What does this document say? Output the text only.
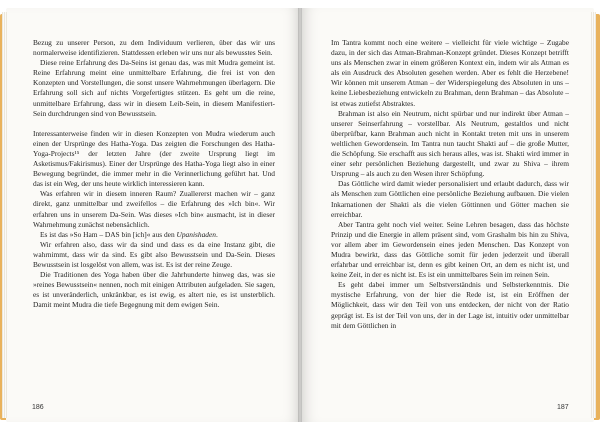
Bezug zu unserer Person, zu dem Individuum verlieren, über das wir uns normalerweise identifizieren. Stattdessen erleben wir uns nur als bewusstes Sein.

Diese reine Erfahrung des Da-Seins ist genau das, was mit Mudra gemeint ist. Reine Erfahrung meint eine unmittelbare Erfahrung, die frei ist von den Konzepten und Vorstellungen, die sonst unsere Wahrnehmungen überlagern. Die Erfahrung soll sich auf nichts Vorgefertigtes stützen. Es geht um die reine, unmittelbare Erfahrung, dass wir in diesem Leib-Sein, in diesem Manifestiert-Sein durchdrungen sind von Bewusstsein.

Interessanterweise finden wir in diesen Konzepten von Mudra wiederum auch einen der Ursprünge des Hatha-Yoga. Das zeigten die Forschungen des Hatha-Yoga-Projects¹⁵ der letzten Jahre (der zweite Ursprung liegt im Asketismus/Fakirismus). Einer der Ursprünge des Hatha-Yoga liegt also in einer Bewegung begründet, die immer mehr in die Verinnerlichung geführt hat. Und das ist ein Weg, der uns heute wirklich interessieren kann.

Was erfahren wir in diesem inneren Raum? Zuallererst machen wir – ganz direkt, ganz unmittelbar und zweifellos – die Erfahrung des »Ich bin«. Wir erfahren uns in unserem Da-Sein. Was dieses »Ich bin« ausmacht, ist in dieser Wahrnehmung zunächst nebensächlich.

Es ist das »So Ham – DAS bin [ich]« aus den Upanishaden.

Wir erfahren also, dass wir da sind und dass es da eine Instanz gibt, die wahrnimmt, dass wir da sind. Es gibt also Bewusstsein und Da-Sein. Dieses Bewusstsein ist losgelöst von allem, was ist. Es ist der reine Zeuge.

Die Traditionen des Yoga haben über die Jahrhunderte hinweg das, was sie »reines Bewusstsein« nennen, noch mit einigen Attributen aufgeladen. Sie sagen, es ist unveränderlich, unkränkbar, es ist ewig, es altert nie, es ist unsterblich. Damit meint Mudra die tiefe Begegnung mit dem ewigen Sein.

Im Tantra kommt noch eine weitere – vielleicht für viele wichtige – Zugabe dazu, in der sich das Atman-Brahman-Konzept gründet. Dieses Konzept betrifft uns als Menschen zwar in einem größeren Kontext ein, indem wir als Atman es als ein Ausdruck des Absoluten gesehen werden. Aber es fehlt die Herzebene! Wir können mit unserem Atman – der Widerspiegelung des Absoluten in uns – keine Liebesbeziehung entwickeln zu Brahman, denn Brahman – das Absolute – ist etwas zutiefst Abstraktes.

Brahman ist also ein Neutrum, nicht spürbar und nur indirekt über Atman – unserer Seinserfahrung – vorstellbar. Als Neutrum, gestaltlos und nicht überprüfbar, kann Brahman auch nicht in Kontakt treten mit uns in unserem weltlichen Gewordensein. Im Tantra nun taucht Shakti auf – die große Mutter, die Schöpfung. Sie erschafft aus sich heraus alles, was ist. Shakti wird immer in einer sehr persönlichen Beziehung dargestellt, und zwar zu Shiva – ihrem Ursprung – als auch zu den Wesen ihrer Schöpfung.

Das Göttliche wird damit wieder personalisiert und erlaubt dadurch, dass wir als Menschen zum Göttlichen eine persönliche Beziehung aufbauen. Die vielen Inkarnationen der Shakti als die vielen Göttinnen und Götter machen sie erreichbar.

Aber Tantra geht noch viel weiter. Seine Lehren besagen, dass das höchste Prinzip und die Energie in allem präsent sind, vom Grashalm bis hin zu Shiva, vor allem aber im Gewordensein eines jeden Menschen. Das Konzept von Mudra bewirkt, dass das Göttliche somit für jeden jederzeit und überall erfahrbar und erreichbar ist, denn es gibt keinen Ort, an dem es nicht ist, und keine Zeit, in der es nicht ist. Es ist ein unmittelbares Sein im reinen Sein.

Es geht dabei immer um Selbstverständnis und Selbsterkenntnis. Die mystische Erfahrung, von der hier die Rede ist, ist ein Eröffnen der Möglichkeit, dass wir den Teil von uns entdecken, der nicht von der Ratio geprägt ist. Es ist der Teil von uns, der in der Lage ist, intuitiv oder unmittelbar mit dem Göttlichen in

186	187
